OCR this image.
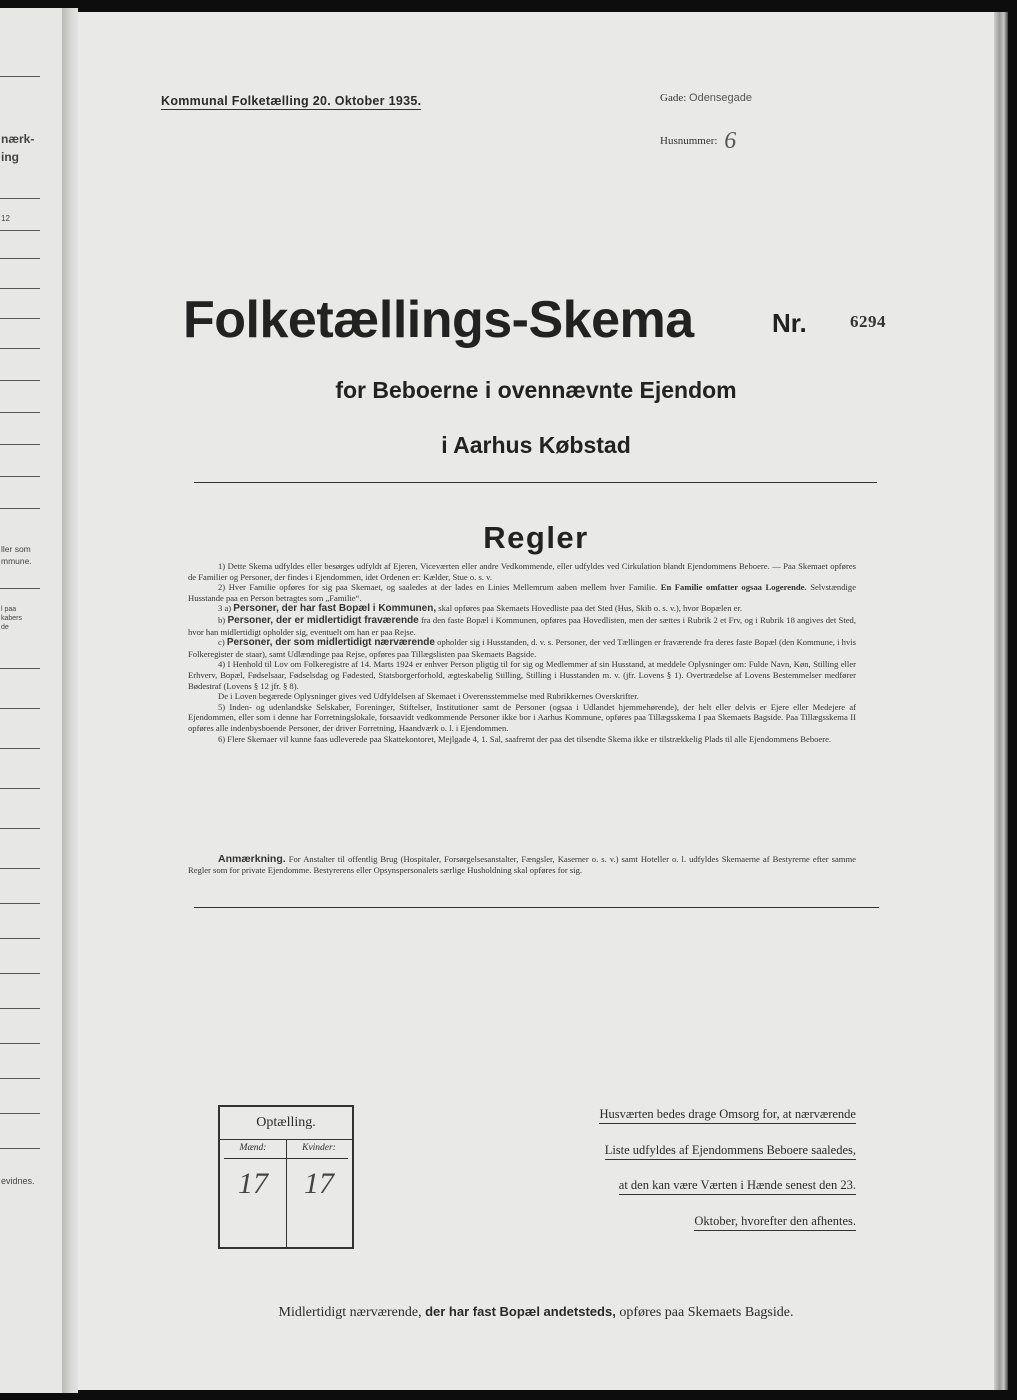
nærk-
ing
12
ller som
mmune.
l paa
kabers
de
evidnes.
Kommunal Folketælling 20. Oktober 1935.	Gade: Odensegade
Husnummer: 6
Folketællings-Skema	Nr.	6294
for Beboerne i ovennævnte Ejendom
i Aarhus Købstad
Regler

1) Dette Skema udfyldes eller besørges udfyldt af Ejeren, Viceværten eller andre Vedkommende, eller udfyldes ved Cirkulation blandt Ejendommens Beboere. — Paa Skemaet opføres de Familier og Personer, der findes i Ejendommen, idet Ordenen er: Kælder, Stue o. s. v.

2) Hver Familie opføres for sig paa Skemaet, og saaledes at der lades en Linies Mellemrum aaben mellem hver Familie. En Familie omfatter ogsaa Logerende. Selvstændige Husstande paa en Person betragtes som „Familie“.

3 a) Personer, der har fast Bopæl i Kommunen, skal opføres paa Skemaets Hovedliste paa det Sted (Hus, Skib o. s. v.), hvor Bopælen er.

b) Personer, der er midlertidigt fraværende fra den faste Bopæl i Kommunen, opføres paa Hovedlisten, men der sættes i Rubrik 2 et Frv, og i Rubrik 18 angives det Sted, hvor han midlertidigt opholder sig, eventuelt om han er paa Rejse.

c) Personer, der som midlertidigt nærværende opholder sig i Husstanden, d. v. s. Personer, der ved Tællingen er fraværende fra deres faste Bopæl (den Kommune, i hvis Folkeregister de staar), samt Udlændinge paa Rejse, opføres paa Tillægslisten paa Skemaets Bagside.

4) I Henhold til Lov om Folkeregistre af 14. Marts 1924 er enhver Person pligtig til for sig og Medlemmer af sin Husstand, at meddele Oplysninger om: Fulde Navn, Køn, Stilling eller Erhverv, Bopæl, Fødselsaar, Fødselsdag og Fødested, Statsborgerforhold, ægteskabelig Stilling, Stilling i Husstanden m. v. (jfr. Lovens § 1). Overtrædelse af Lovens Bestemmelser medfører Bødestraf (Lovens § 12 jfr. § 8).

De i Loven begærede Oplysninger gives ved Udfyldelsen af Skemaet i Overensstemmelse med Rubrikkernes Overskrifter.

5) Inden- og udenlandske Selskaber, Foreninger, Stiftelser, Institutioner samt de Personer (ogsaa i Udlandet hjemmehørende), der helt eller delvis er Ejere eller Medejere af Ejendommen, eller som i denne har Forretningslokale, forsaavidt vedkommende Personer ikke bor i Aarhus Kommune, opføres paa Tillægsskema I paa Skemaets Bagside. Paa Tillægsskema II opføres alle indenbysboende Personer, der driver Forretning, Haandværk o. l. i Ejendommen.

6) Flere Skemaer vil kunne faas udleverede paa Skattekontoret, Mejlgade 4, 1. Sal, saafremt der paa det tilsendte Skema ikke er tilstrækkelig Plads til alle Ejendommens Beboere.

Anmærkning. For Anstalter til offentlig Brug (Hospitaler, Forsørgelsesanstalter, Fængsler, Kaserner o. s. v.) samt Hoteller o. l. udfyldes Skemaerne af Bestyrerne efter samme Regler som for private Ejendomme. Bestyrerens eller Opsynspersonalets særlige Husholdning skal opføres for sig.
Optælling.
Mænd:	Kvinder:
17	17
Husværten bedes drage Omsorg for, at nærværende
Liste udfyldes af Ejendommens Beboere saaledes,
at den kan være Værten i Hænde senest den 23.
Oktober, hvorefter den afhentes.
Midlertidigt nærværende, der har fast Bopæl andetsteds, opføres paa Skemaets Bagside.
